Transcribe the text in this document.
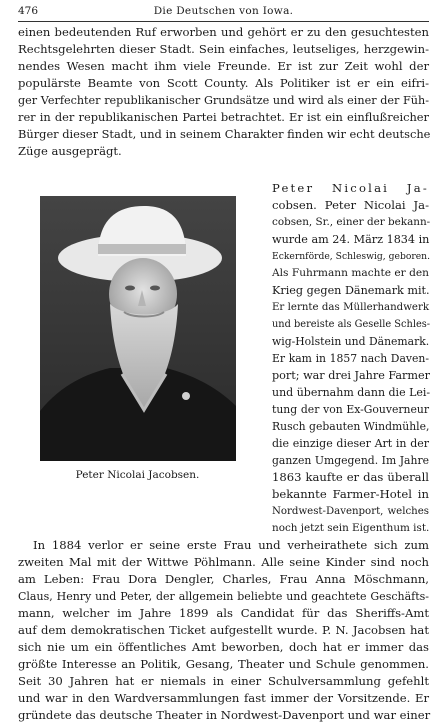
476	Die Deutschen von Iowa.
einen bedeutenden Ruf erworben und gehört er zu den gesuchtesten
Rechtsgelehrten dieser Stadt. Sein einfaches, leutseliges, herzgewin-
nendes Wesen macht ihm viele Freunde. Er ist zur Zeit wohl der
populärste Beamte von Scott County. Als Politiker ist er ein eifri-
ger Verfechter republikanischer Grundsätze und wird als einer der Füh-
rer in der republikanischen Partei betrachtet. Er ist ein einflußreicher
Bürger dieser Stadt, und in seinem Charakter finden wir echt deutsche
Züge ausgeprägt.
Peter Nicolai Jacobsen.
Peter Nicolai Ja-
cobsen. Peter Nicolai Ja-
cobsen, Sr., einer der bekann-
wurde am 24. März 1834 in
Eckernförde, Schleswig, geboren.
Als Fuhrmann machte er den
Krieg gegen Dänemark mit.
Er lernte das Müllerhandwerk
und bereiste als Geselle Schles-
wig-Holstein und Dänemark.
Er kam in 1857 nach Daven-
port; war drei Jahre Farmer
und übernahm dann die Lei-
tung der von Ex-Gouverneur
Rusch gebauten Windmühle,
die einzige dieser Art in der
ganzen Umgegend. Im Jahre
1863 kaufte er das überall
bekannte Farmer-Hotel in
Nordwest-Davenport, welches
noch jetzt sein Eigenthum ist.
In 1884 verlor er seine erste Frau und verheirathete sich zum
zweiten Mal mit der Wittwe Pöhlmann. Alle seine Kinder sind noch
am Leben: Frau Dora Dengler, Charles, Frau Anna Möschmann,
Claus, Henry und Peter, der allgemein beliebte und geachtete Geschäfts-
mann, welcher im Jahre 1899 als Candidat für das Sheriffs-Amt
auf dem demokratischen Ticket aufgestellt wurde. P. N. Jacobsen hat
sich nie um ein öffentliches Amt beworben, doch hat er immer das
größte Interesse an Politik, Gesang, Theater und Schule genommen.
Seit 30 Jahren hat er niemals in einer Schulversammlung gefehlt
und war in den Wardversammlungen fast immer der Vorsitzende. Er
gründete das deutsche Theater in Nordwest-Davenport und war einer
